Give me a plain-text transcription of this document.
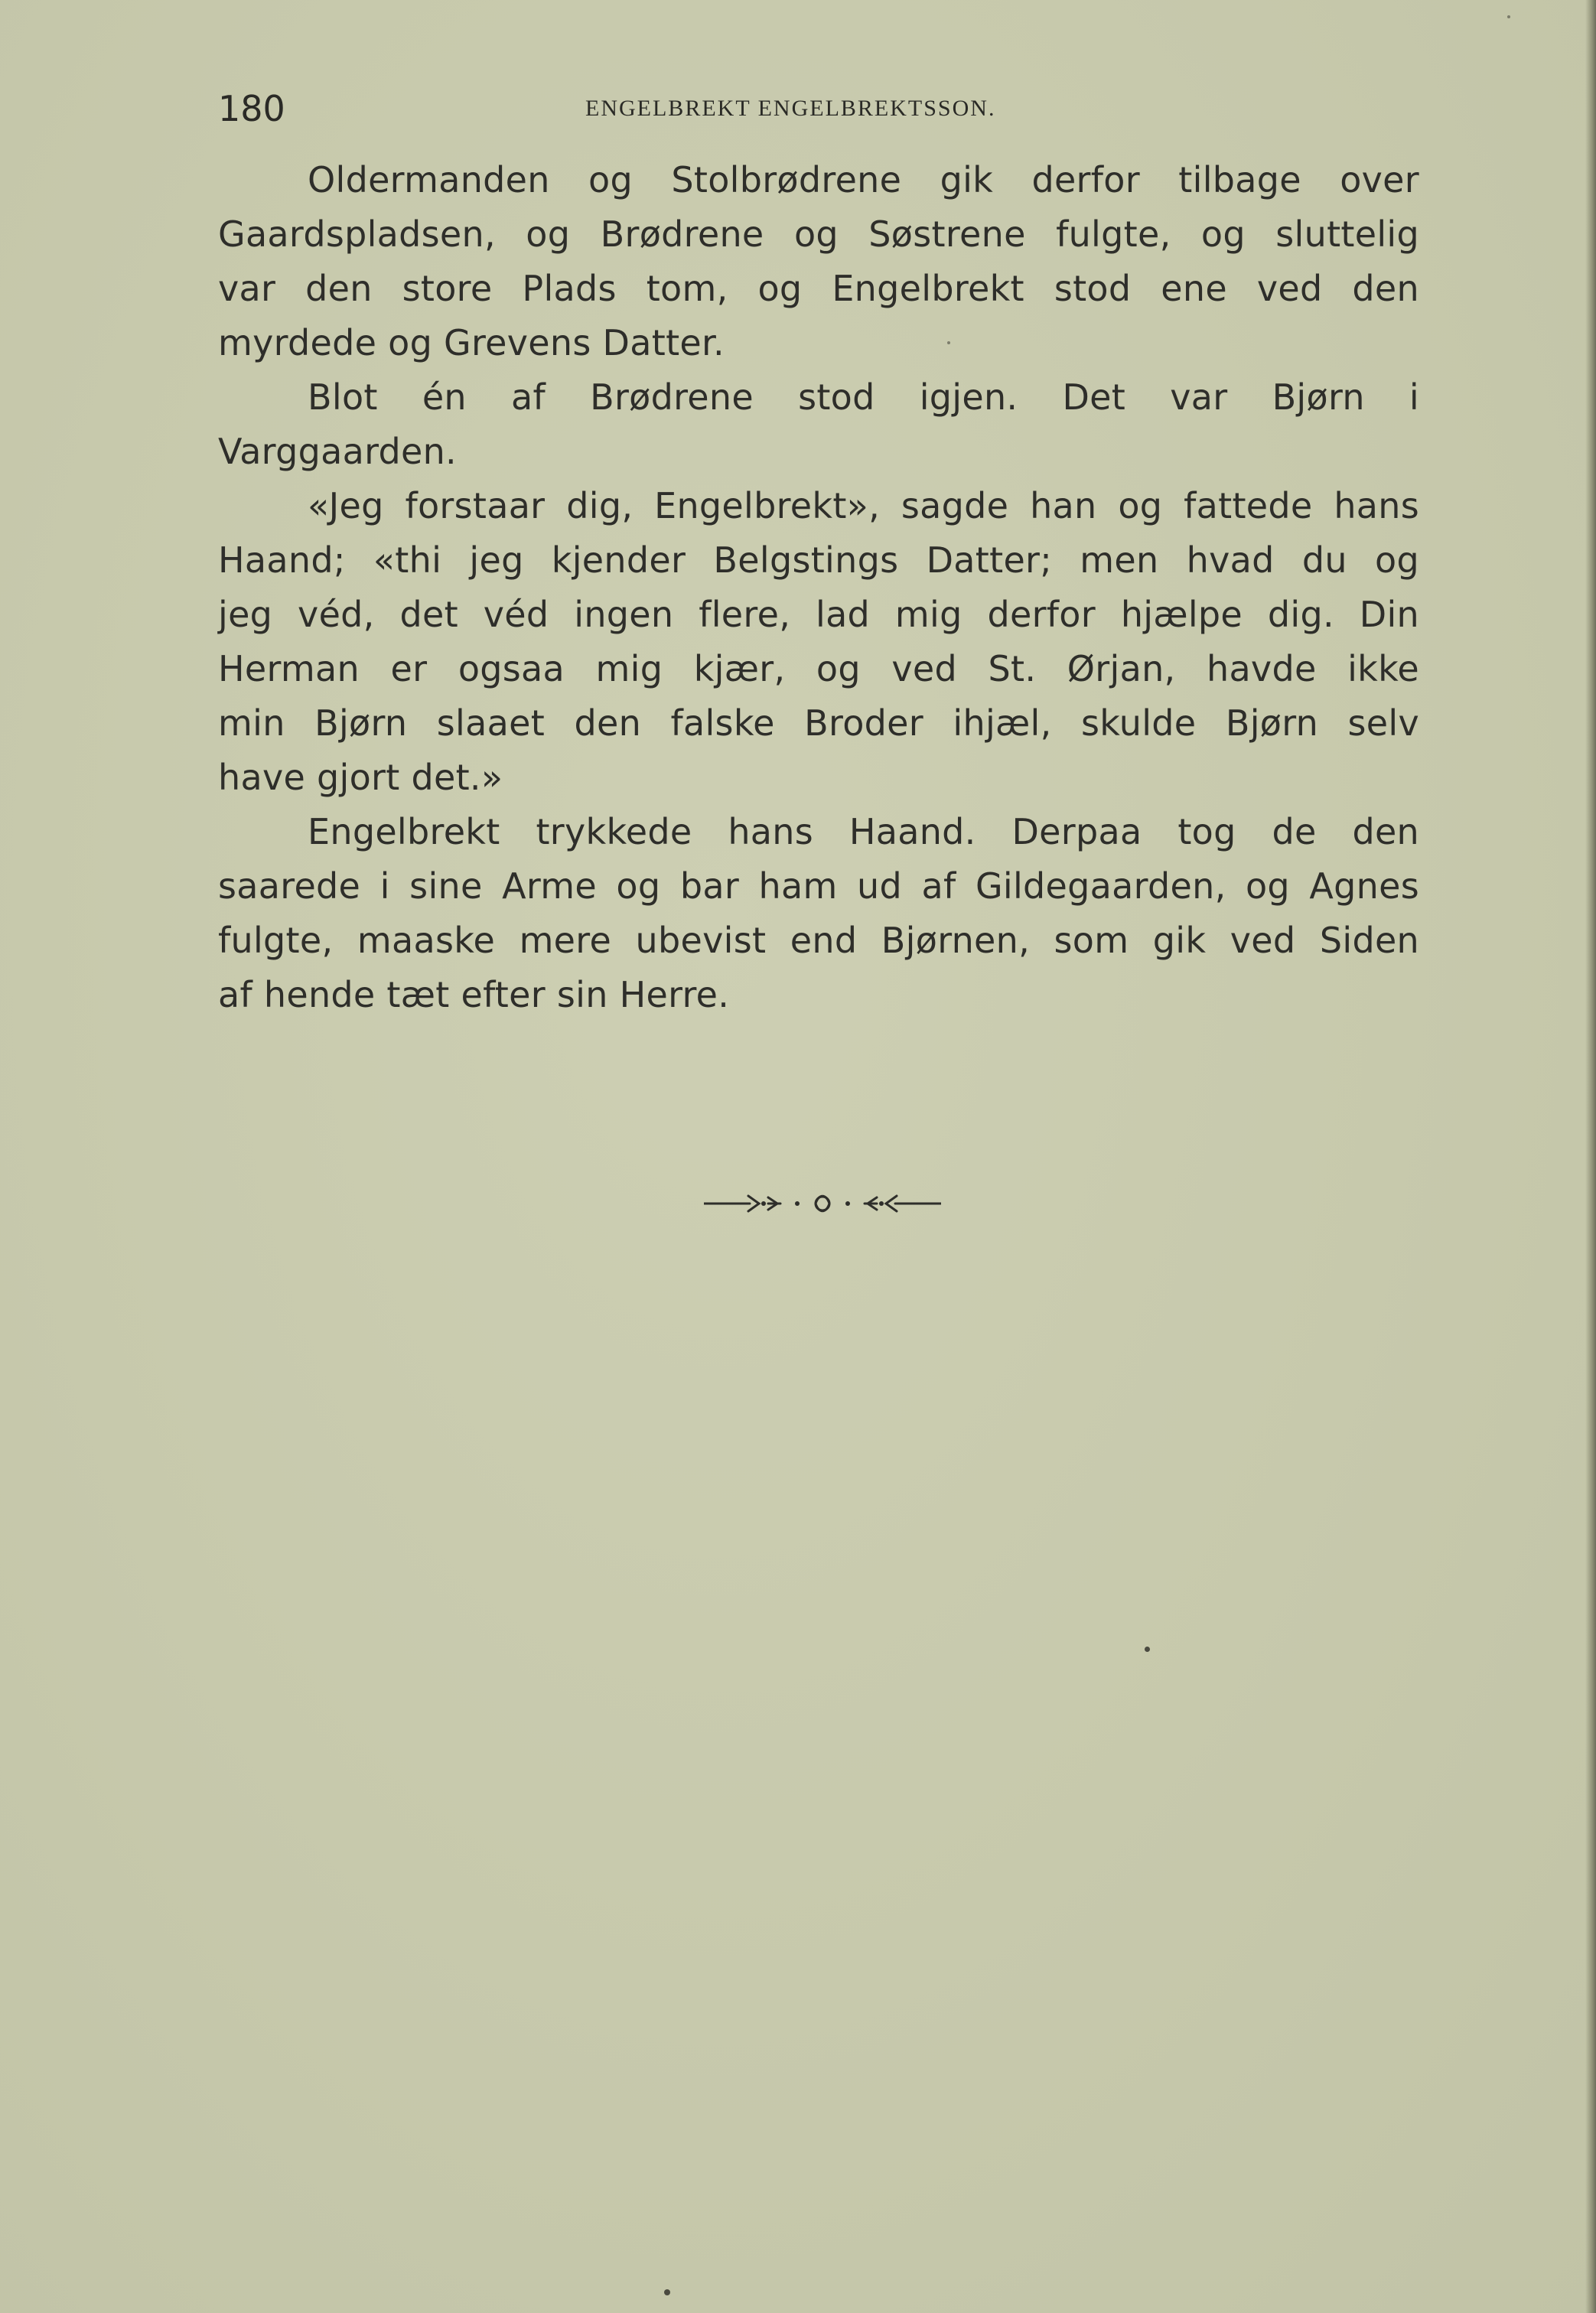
180	ENGELBREKT ENGELBREKTSSON.
Oldermanden og Stolbrødrene gik derfor tilbage over
Gaardspladsen, og Brødrene og Søstrene fulgte, og sluttelig
var den store Plads tom, og Engelbrekt stod ene ved den
myrdede og Grevens Datter.
Blot én af Brødrene stod igjen. Det var Bjørn i
Varggaarden.
«Jeg forstaar dig, Engelbrekt», sagde han og fattede hans
Haand; «thi jeg kjender Belgstings Datter; men hvad du og
jeg véd, det véd ingen flere, lad mig derfor hjælpe dig. Din
Herman er ogsaa mig kjær, og ved St. Ørjan, havde ikke
min Bjørn slaaet den falske Broder ihjæl, skulde Bjørn selv
have gjort det.»
Engelbrekt trykkede hans Haand. Derpaa tog de den
saarede i sine Arme og bar ham ud af Gildegaarden, og Agnes
fulgte, maaske mere ubevist end Bjørnen, som gik ved Siden
af hende tæt efter sin Herre.
